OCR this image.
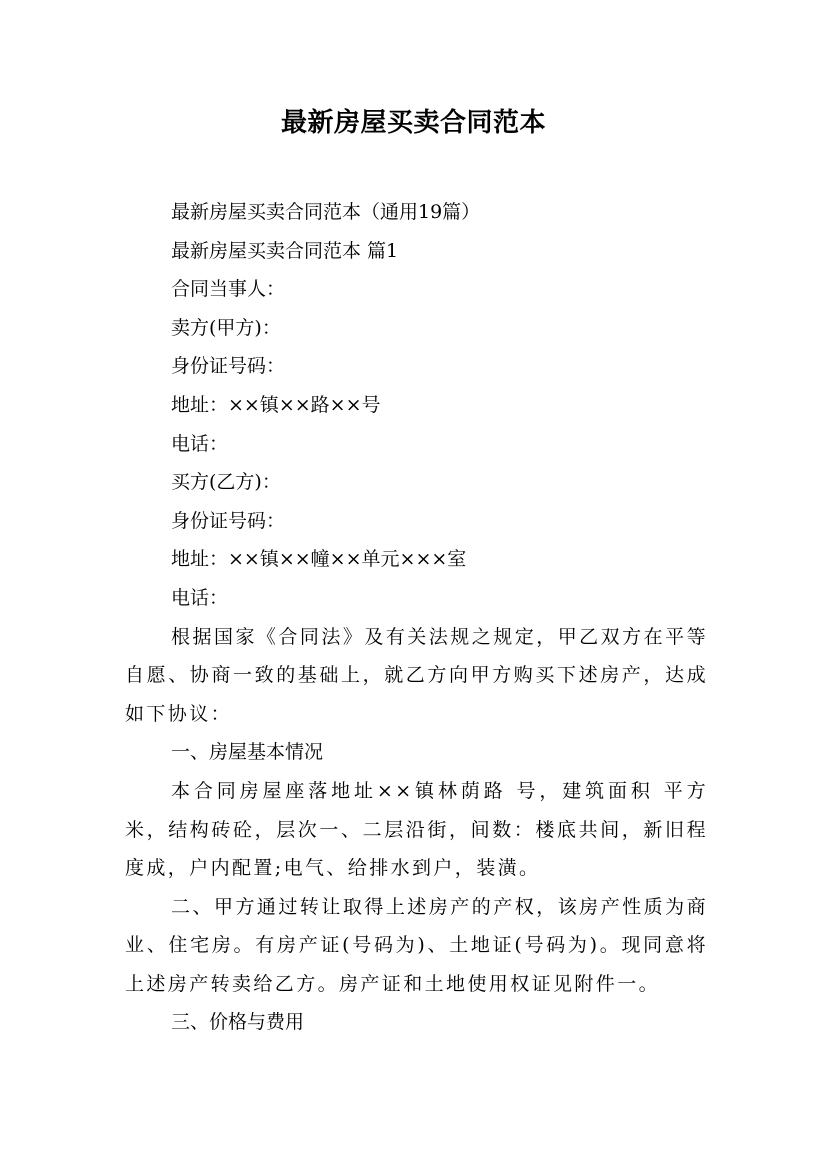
最新房屋买卖合同范本

最新房屋买卖合同范本（通用19篇）

最新房屋买卖合同范本 篇1

合同当事人：

卖方(甲方)：

身份证号码：

地址：××镇××路××号

电话：

买方(乙方)：

身份证号码：

地址：××镇××幢××单元×××室

电话：

根据国家《合同法》及有关法规之规定，甲乙双方在平等自愿、协商一致的基础上，就乙方向甲方购买下述房产，达成如下协议：

一、房屋基本情况

本合同房屋座落地址××镇林荫路 号，建筑面积 平方米，结构砖砼，层次一、二层沿街，间数：楼底共间，新旧程度成，户内配置;电气、给排水到户，装潢。

二、甲方通过转让取得上述房产的产权，该房产性质为商业、住宅房。有房产证(号码为)、土地证(号码为)。现同意将上述房产转卖给乙方。房产证和土地使用权证见附件一。

三、价格与费用
